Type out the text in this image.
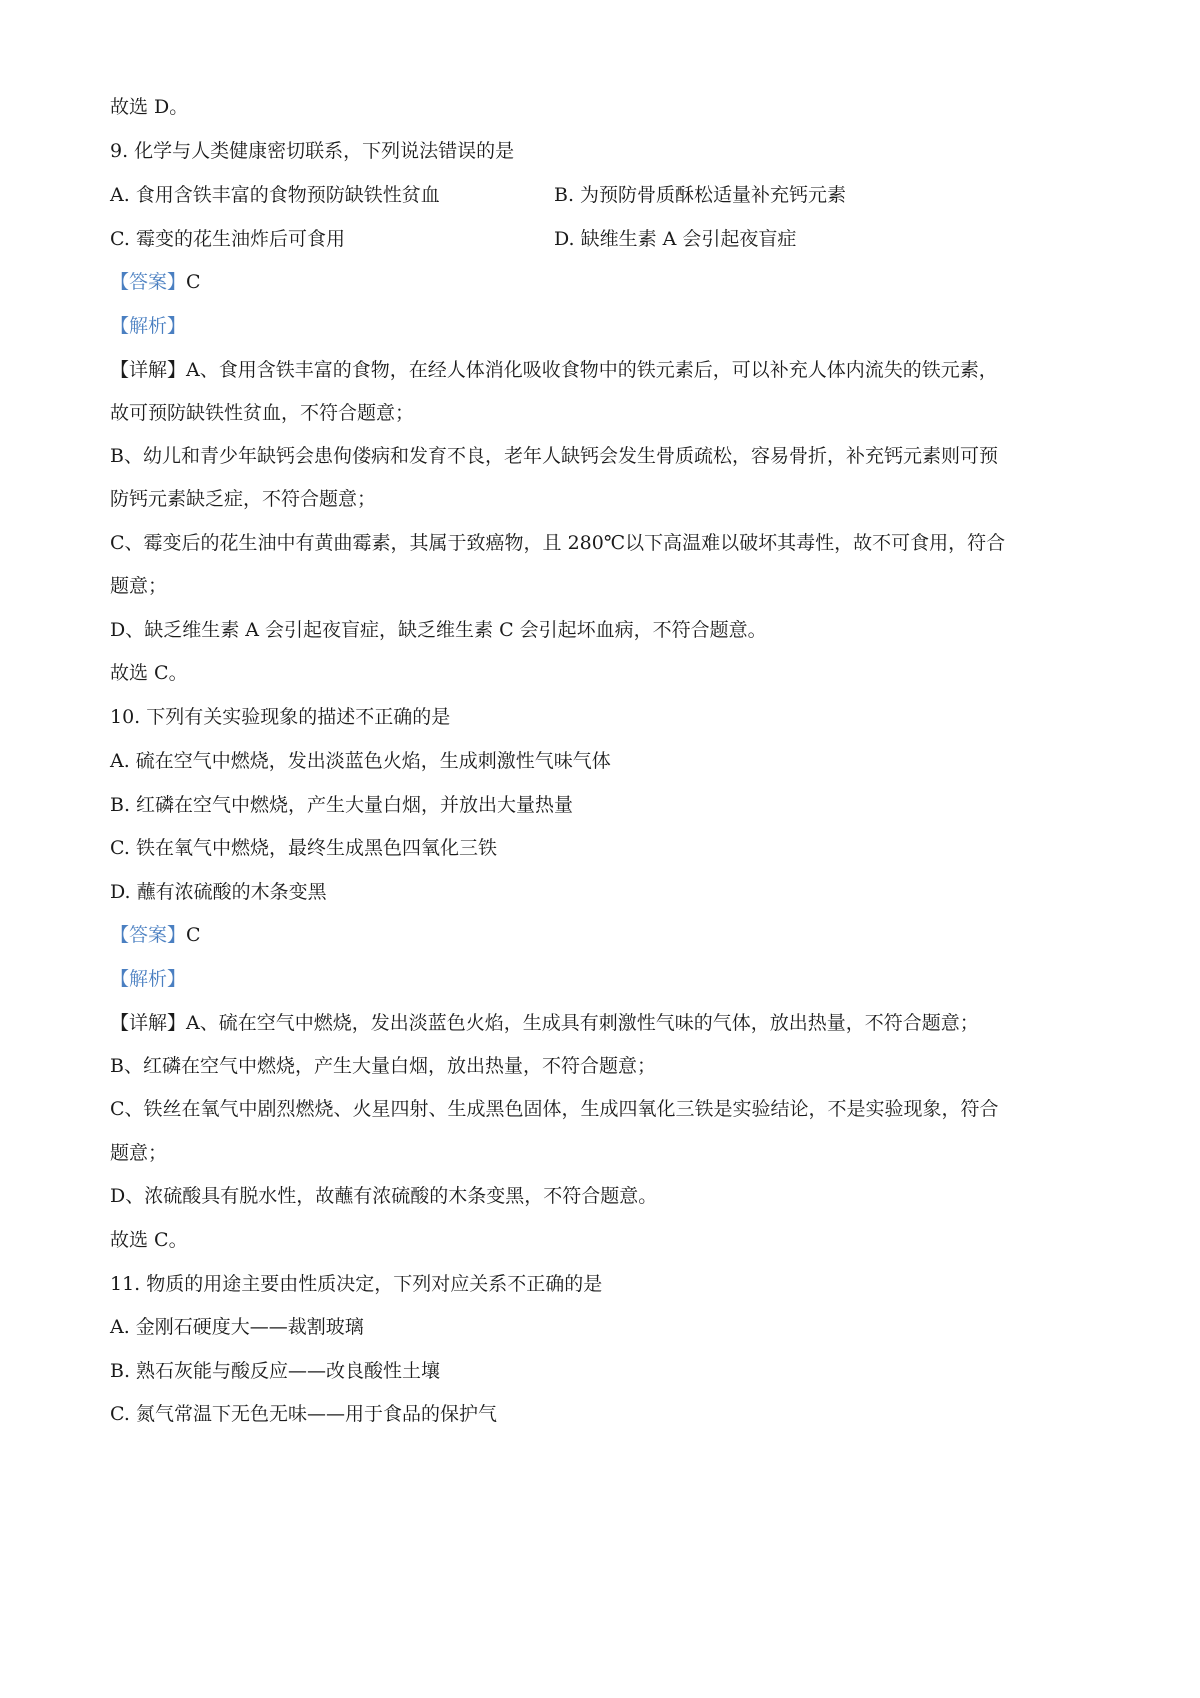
故选 D。
9. 化学与人类健康密切联系，下列说法错误的是
A. 食用含铁丰富的食物预防缺铁性贫血	B. 为预防骨质酥松适量补充钙元素
C. 霉变的花生油炸后可食用	D. 缺维生素 A 会引起夜盲症
【答案】C
【解析】
【详解】A、食用含铁丰富的食物，在经人体消化吸收食物中的铁元素后，可以补充人体内流失的铁元素，
故可预防缺铁性贫血，不符合题意；
B、幼儿和青少年缺钙会患佝偻病和发育不良，老年人缺钙会发生骨质疏松，容易骨折，补充钙元素则可预
防钙元素缺乏症，不符合题意；
C、霉变后的花生油中有黄曲霉素，其属于致癌物，且 280℃以下高温难以破坏其毒性，故不可食用，符合
题意；
D、缺乏维生素 A 会引起夜盲症，缺乏维生素 C 会引起坏血病，不符合题意。
故选 C。
10. 下列有关实验现象的描述不正确的是
A. 硫在空气中燃烧，发出淡蓝色火焰，生成刺激性气味气体
B. 红磷在空气中燃烧，产生大量白烟，并放出大量热量
C. 铁在氧气中燃烧，最终生成黑色四氧化三铁
D. 蘸有浓硫酸的木条变黑
【答案】C
【解析】
【详解】A、硫在空气中燃烧，发出淡蓝色火焰，生成具有刺激性气味的气体，放出热量，不符合题意；
B、红磷在空气中燃烧，产生大量白烟，放出热量，不符合题意；
C、铁丝在氧气中剧烈燃烧、火星四射、生成黑色固体，生成四氧化三铁是实验结论，不是实验现象，符合
题意；
D、浓硫酸具有脱水性，故蘸有浓硫酸的木条变黑，不符合题意。
故选 C。
11. 物质的用途主要由性质决定，下列对应关系不正确的是
A. 金刚石硬度大——裁割玻璃
B. 熟石灰能与酸反应——改良酸性土壤
C. 氮气常温下无色无味——用于食品的保护气
